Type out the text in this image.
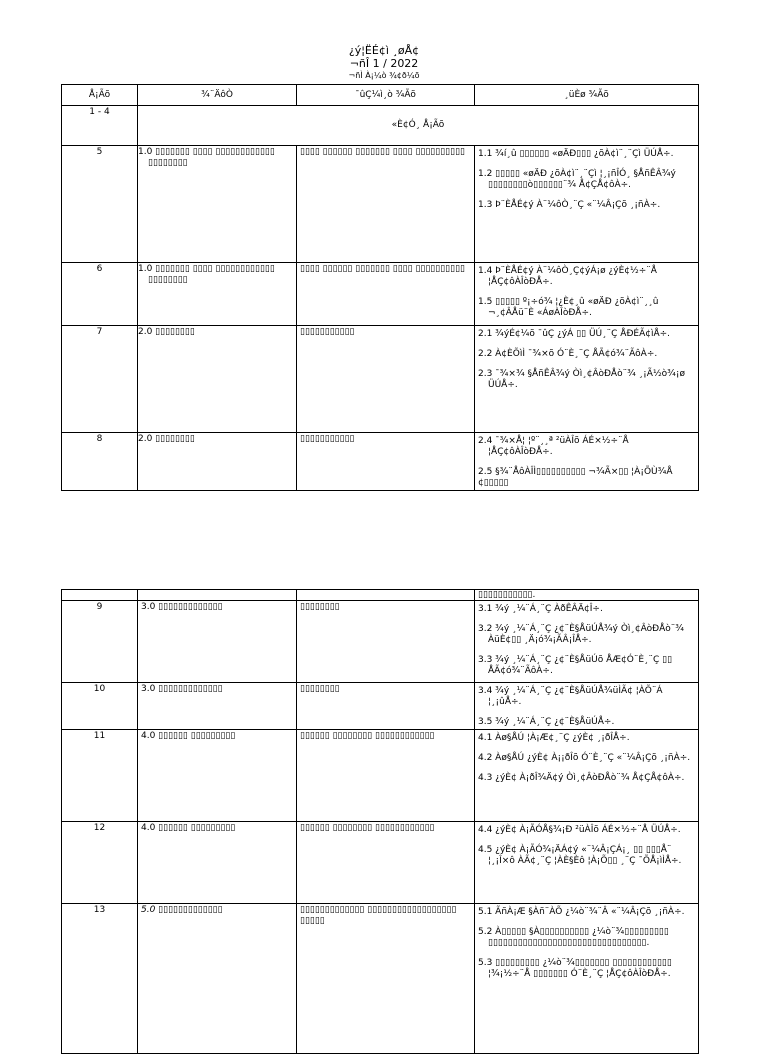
¿ý¦ËÉ¢ì ¸øÅ¢
¬ñÎ 1 / 2022
¬ñÌ À¡¼ò ¾¢ð¼õ
Å¡Ãõ	¾¨ÄôÒ	¯ûÇ¼ì¸ò ¾Ãõ	¸üÈø ¾Ãõ
1 - 4	«È¢Ó¸ Å¡Ãõ		
5	1.0 ▯▯▯▯▯▯▯ ▯▯▯▯ ▯▯▯▯▯▯▯▯▯▯▯▯ ▯▯▯▯▯▯▯▯	▯▯▯▯ ▯▯▯▯▯▯ ▯▯▯▯▯▯▯ ▯▯▯▯ ▯▯▯▯▯▯▯▯▯▯	1.1 ¾í¸û ▯▯▯▯▯▯ «øÄÐ▯▯▯ ¿õÀ¢ì¨¸¨Çì ÜÚÅ÷.
1.2 ▯▯▯▯▯ «øÄÐ ¿õÀ¢ì¨¸¨Çì ¦¸¡ñÎÓ¸ §ÅñÊÂ¾ý ▯▯▯▯▯▯▯▯ò▯▯▯▯▯▯¨¾ Å¢ÇÅ¢ôÀ÷.
1.3 Þ¨ÈÅÉ¢ý À¨¼ôÒ¸¨Ç «¨¼Â¡Çõ ¸¡ñÀ÷.

6	1.0 ▯▯▯▯▯▯▯ ▯▯▯▯ ▯▯▯▯▯▯▯▯▯▯▯▯ ▯▯▯▯▯▯▯▯	▯▯▯▯ ▯▯▯▯▯▯ ▯▯▯▯▯▯▯ ▯▯▯▯ ▯▯▯▯▯▯▯▯▯▯	1.4 Þ¨ÈÅÉ¢ý À¨¼ôÒ¸Ç¢ýÁ¡ø ¿ýÈ¢½÷¨Å ¦ÅÇ¢ôÀÎòÐÅ÷.
1.5 ▯▯▯▯▯ º¡÷ó¾ ¦¿È¢¸û «øÄÐ ¿õÀ¢ì¨¸¸û ¬¸¢ÂÅü¨È «ÁøÀÎòÐÅ÷.

7	2.0 ▯▯▯▯▯▯▯▯	▯▯▯▯▯▯▯▯▯▯▯	2.1 ¾ýÉ¢¼õ ¯ûÇ ¿ýÁ ▯▯ ÜÚ¸¨Ç ÅÐÉÃ¢ìÅ÷.
2.2 À¢ÈÕìÌ ¯¾×õ Ó¨È¸¨Ç ÅÃ¢ó¾¨ÃôÀ÷.
2.3 ¯¾×¾ §ÅñÊÂ¾ý Òì¸¢ÂòÐÅò¨¾ ¸¡Ã½ò¾¡ø ÜÚÅ÷.

8	2.0 ▯▯▯▯▯▯▯▯	▯▯▯▯▯▯▯▯▯▯▯	2.4 ¯¾×Å¦ ¦º¨¸¸ª ²üÀÎõ ÁÉ×½÷¨Å ¦ÅÇ¢ôÀÎòÐÅ÷.
2.5 §¾¨ÅôÀÎÌ▯▯▯▯▯▯▯▯▯▯ ¬¾Ã×▯▯ ¦À¡ÕÙ¾Å ¢▯▯▯▯▯
			▯▯▯▯▯▯▯▯▯▯▯.
9	3.0 ▯▯▯▯▯▯▯▯▯▯▯▯▯	▯▯▯▯▯▯▯▯	3.1 ¾ý ¸¼¨Á¸¨Ç ÀðÊÂÄ¢Î÷.
3.2 ¾ý ¸¼¨Á¸¨Ç ¿¢¨È§ÅüÚÅ¾ý Òì¸¢ÂòÐÅò¨¾ ÀüÈ¢▯▯ ¸Ä¡ó¾¡ÃÂ¡ÎÅ÷.
3.3 ¾ý ¸¼¨Á¸¨Ç ¿¢¨È§ÅüÚõ ÅÆ¢Ó¨È¸¨Ç ▯▯ ÅÃ¢ó¾¨ÃôÀ÷.

10	3.0 ▯▯▯▯▯▯▯▯▯▯▯▯▯	▯▯▯▯▯▯▯▯	3.4 ¾ý ¸¼¨Á¸¨Ç ¿¢¨È§ÅüÚÅ¾üÌÃ¢ ¦ÀÕ¨Á ¦¸¡ûÅ÷.
3.5 ¾ý ¸¼¨Á¸¨Ç ¿¢¨È§ÅüÚÅ÷.

11	4.0 ▯▯▯▯▯▯ ▯▯▯▯▯▯▯▯▯	▯▯▯▯▯▯ ▯▯▯▯▯▯▯▯ ▯▯▯▯▯▯▯▯▯▯▯▯	4.1 Àø§ÅÚ ¦À¡Æ¢¸¨Ç ¿ýÈ¢ ¸¡ðÎÅ÷.
4.2 Àø§ÅÚ ¿ýÈ¢ À¡¡ðÎõ Ó¨È¸¨Ç «¨¼Â¡Çõ ¸¡ñÀ÷.
4.3 ¿ýÈ¢ À¡ðÎ¾Ä¢ý Òì¸¢ÂòÐÅò¨¾ Å¢ÇÅ¢ôÀ÷.

12	4.0 ▯▯▯▯▯▯ ▯▯▯▯▯▯▯▯▯	▯▯▯▯▯▯ ▯▯▯▯▯▯▯▯ ▯▯▯▯▯▯▯▯▯▯▯▯	4.4 ¿ýÈ¢ À¡ÃÓÅ§¾¡Ð ²üÀÎõ ÁÉ×½÷¨Å ÜÚÅ÷.
4.5 ¿ýÈ¢ À¡ÃÓ¾¡ÄÁ¢ý «¨¼Â¡ÇÁ¡¸ ▯▯ ▯▯▯Å¨ ¦¸¡Î×ô ÀÃ¢¸¨Ç ¦ÀÈ§Èô ¦À¡Õ▯▯ ¸¨Ç ¯ÕÅ¡ìÌÅ÷.

13	5.0 ▯▯▯▯▯▯▯▯▯▯▯▯▯	▯▯▯▯▯▯▯▯▯▯▯▯▯ ▯▯▯▯▯▯▯▯▯▯▯▯▯▯▯▯▯▯ ▯▯▯▯▯	5.1 ÃñÀ¡Æ §Àñ¨ÀÕ ¿¼ò¨¾¨Â «¨¼Â¡Çõ ¸¡ñÀ÷.
5.2 À▯▯▯▯▯ §À▯▯▯▯▯▯▯▯▯▯ ¿¼ò¨¾▯▯▯▯▯▯▯▯▯ ▯▯▯▯▯▯▯▯▯▯▯▯▯▯▯▯▯▯▯▯▯▯▯▯▯▯▯▯▯▯▯▯.
5.3 ▯▯▯▯▯▯▯▯▯ ¿¼ò¨¾▯▯▯▯▯▯▯ ▯▯▯▯▯▯▯▯▯▯▯▯ ¦¾¡½÷¨Å ▯▯▯▯▯▯▯ Ó¨È¸¨Ç ¦ÅÇ¢ôÀÎòÐÅ÷.
